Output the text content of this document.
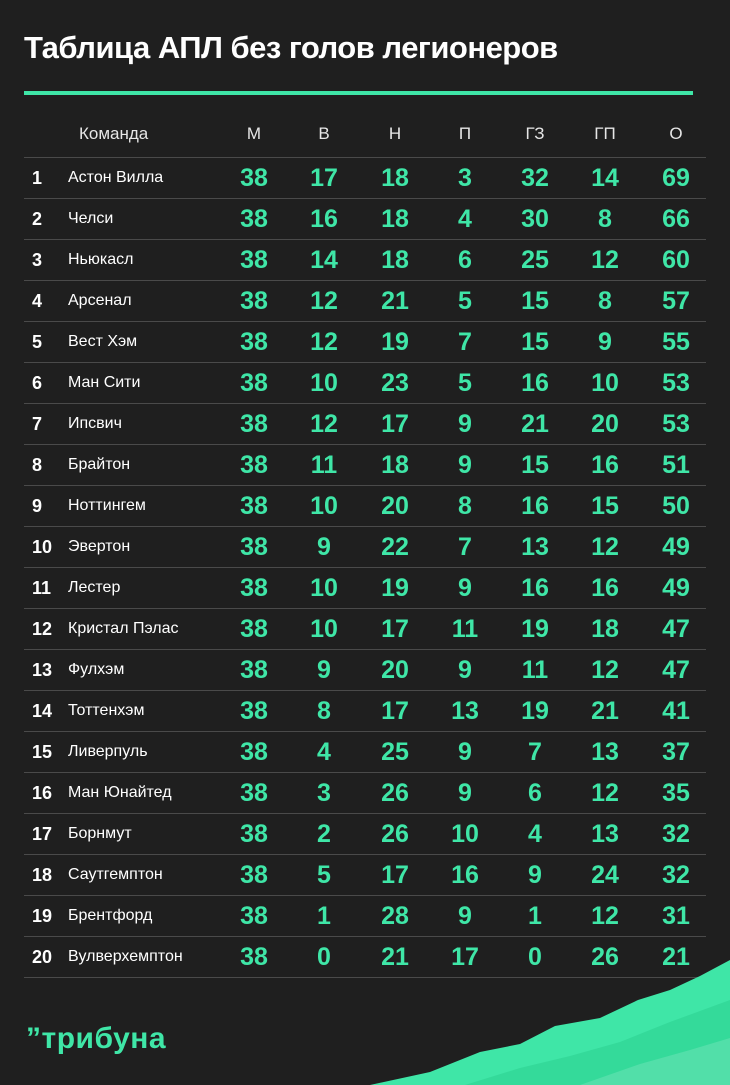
Таблица АПЛ без голов легионеров
Команда	М	В	Н	П	ГЗ	ГП	О
1 Астон Вилла	38	17	18	3	32	14	69
2 Челси	38	16	18	4	30	8	66
3 Ньюкасл	38	14	18	6	25	12	60
4 Арсенал	38	12	21	5	15	8	57
5 Вест Хэм	38	12	19	7	15	9	55
6 Ман Сити	38	10	23	5	16	10	53
7 Ипсвич	38	12	17	9	21	20	53
8 Брайтон	38	11	18	9	15	16	51
9 Ноттингем	38	10	20	8	16	15	50
10 Эвертон	38	9	22	7	13	12	49
11 Лестер	38	10	19	9	16	16	49
12 Кристал Пэлас	38	10	17	11	19	18	47
13 Фулхэм	38	9	20	9	11	12	47
14 Тоттенхэм	38	8	17	13	19	21	41
15 Ливерпуль	38	4	25	9	7	13	37
16 Ман Юнайтед	38	3	26	9	6	12	35
17 Борнмут	38	2	26	10	4	13	32
18 Саутгемптон	38	5	17	16	9	24	32
19 Брентфорд	38	1	28	9	1	12	31
20 Вулверхемптон	38	0	21	17	0	26	21
”трибуна
